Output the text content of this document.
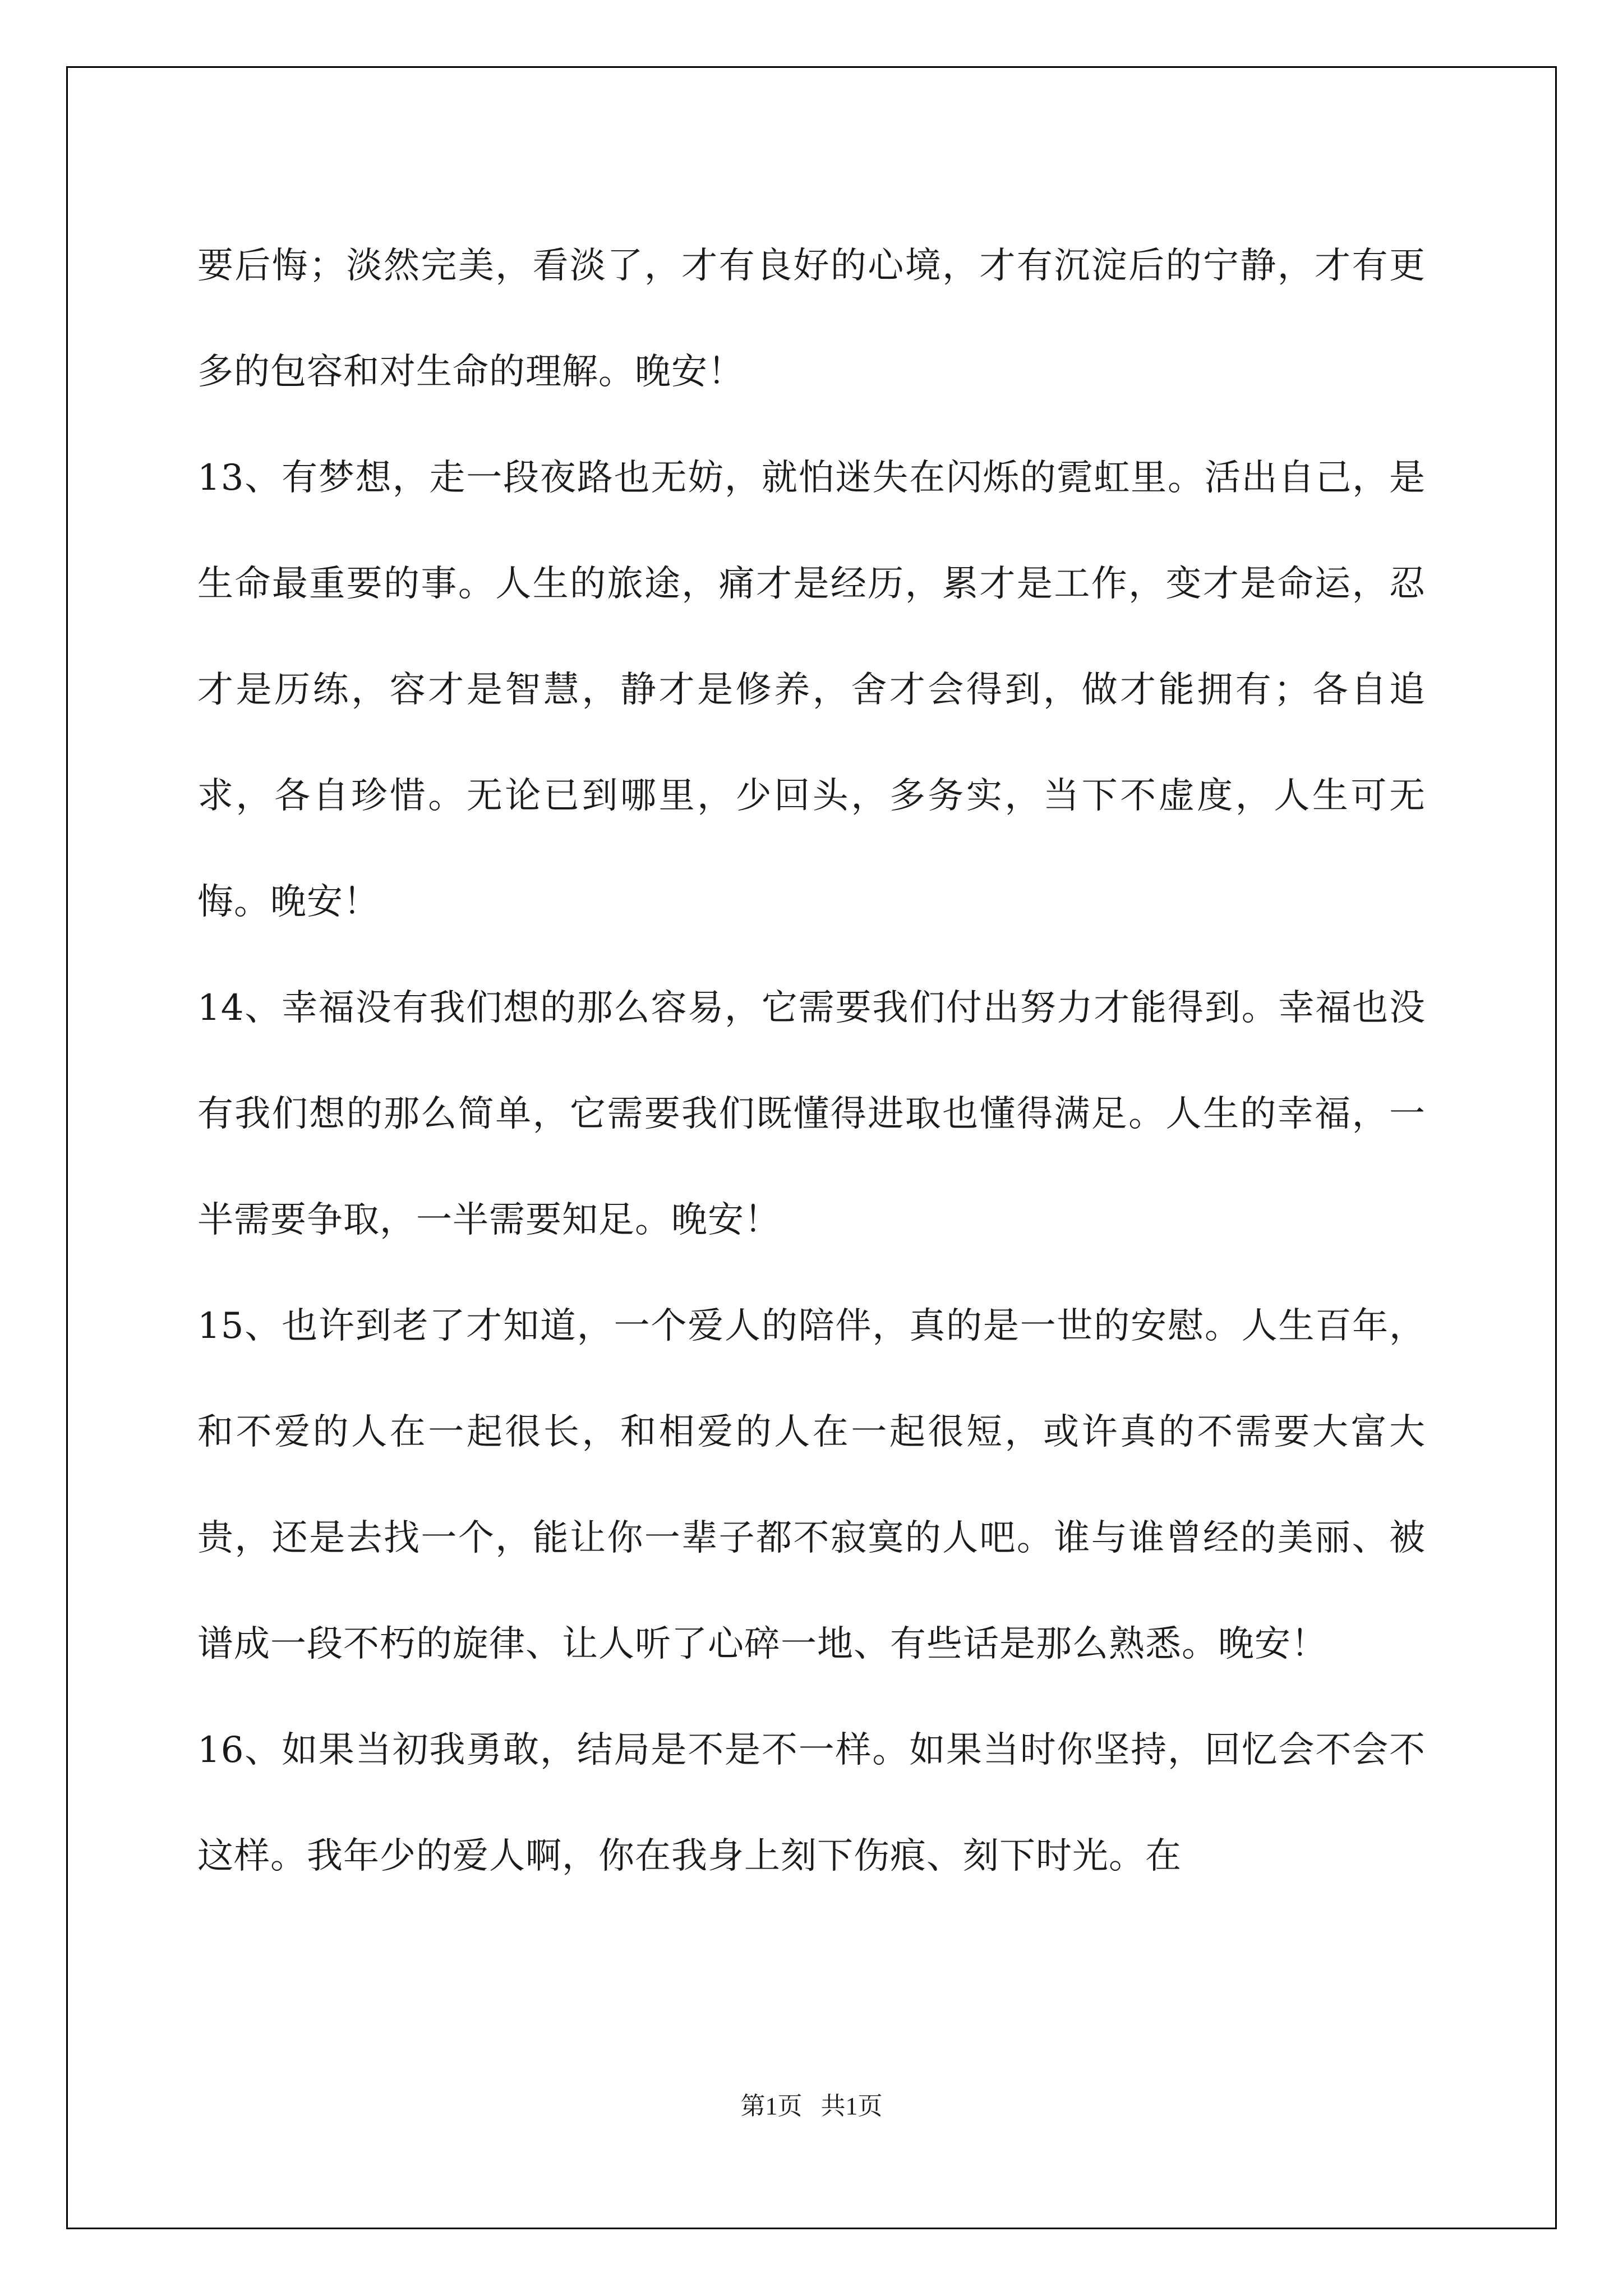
要后悔；淡然完美，看淡了，才有良好的心境，才有沉淀后的宁静，才有更多的包容和对生命的理解。晚安！

13、有梦想，走一段夜路也无妨，就怕迷失在闪烁的霓虹里。活出自己，是生命最重要的事。人生的旅途，痛才是经历，累才是工作，变才是命运，忍才是历练，容才是智慧，静才是修养，舍才会得到，做才能拥有；各自追求，各自珍惜。无论已到哪里，少回头，多务实，当下不虚度，人生可无悔。晚安！

14、幸福没有我们想的那么容易，它需要我们付出努力才能得到。幸福也没有我们想的那么简单，它需要我们既懂得进取也懂得满足。人生的幸福，一半需要争取，一半需要知足。晚安！

15、也许到老了才知道，一个爱人的陪伴，真的是一世的安慰。人生百年，和不爱的人在一起很长，和相爱的人在一起很短，或许真的不需要大富大贵，还是去找一个，能让你一辈子都不寂寞的人吧。谁与谁曾经的美丽、被谱成一段不朽的旋律、让人听了心碎一地、有些话是那么熟悉。晚安！

16、如果当初我勇敢，结局是不是不一样。如果当时你坚持，回忆会不会不这样。我年少的爱人啊，你在我身上刻下伤痕、刻下时光。在

第1页   共1页
